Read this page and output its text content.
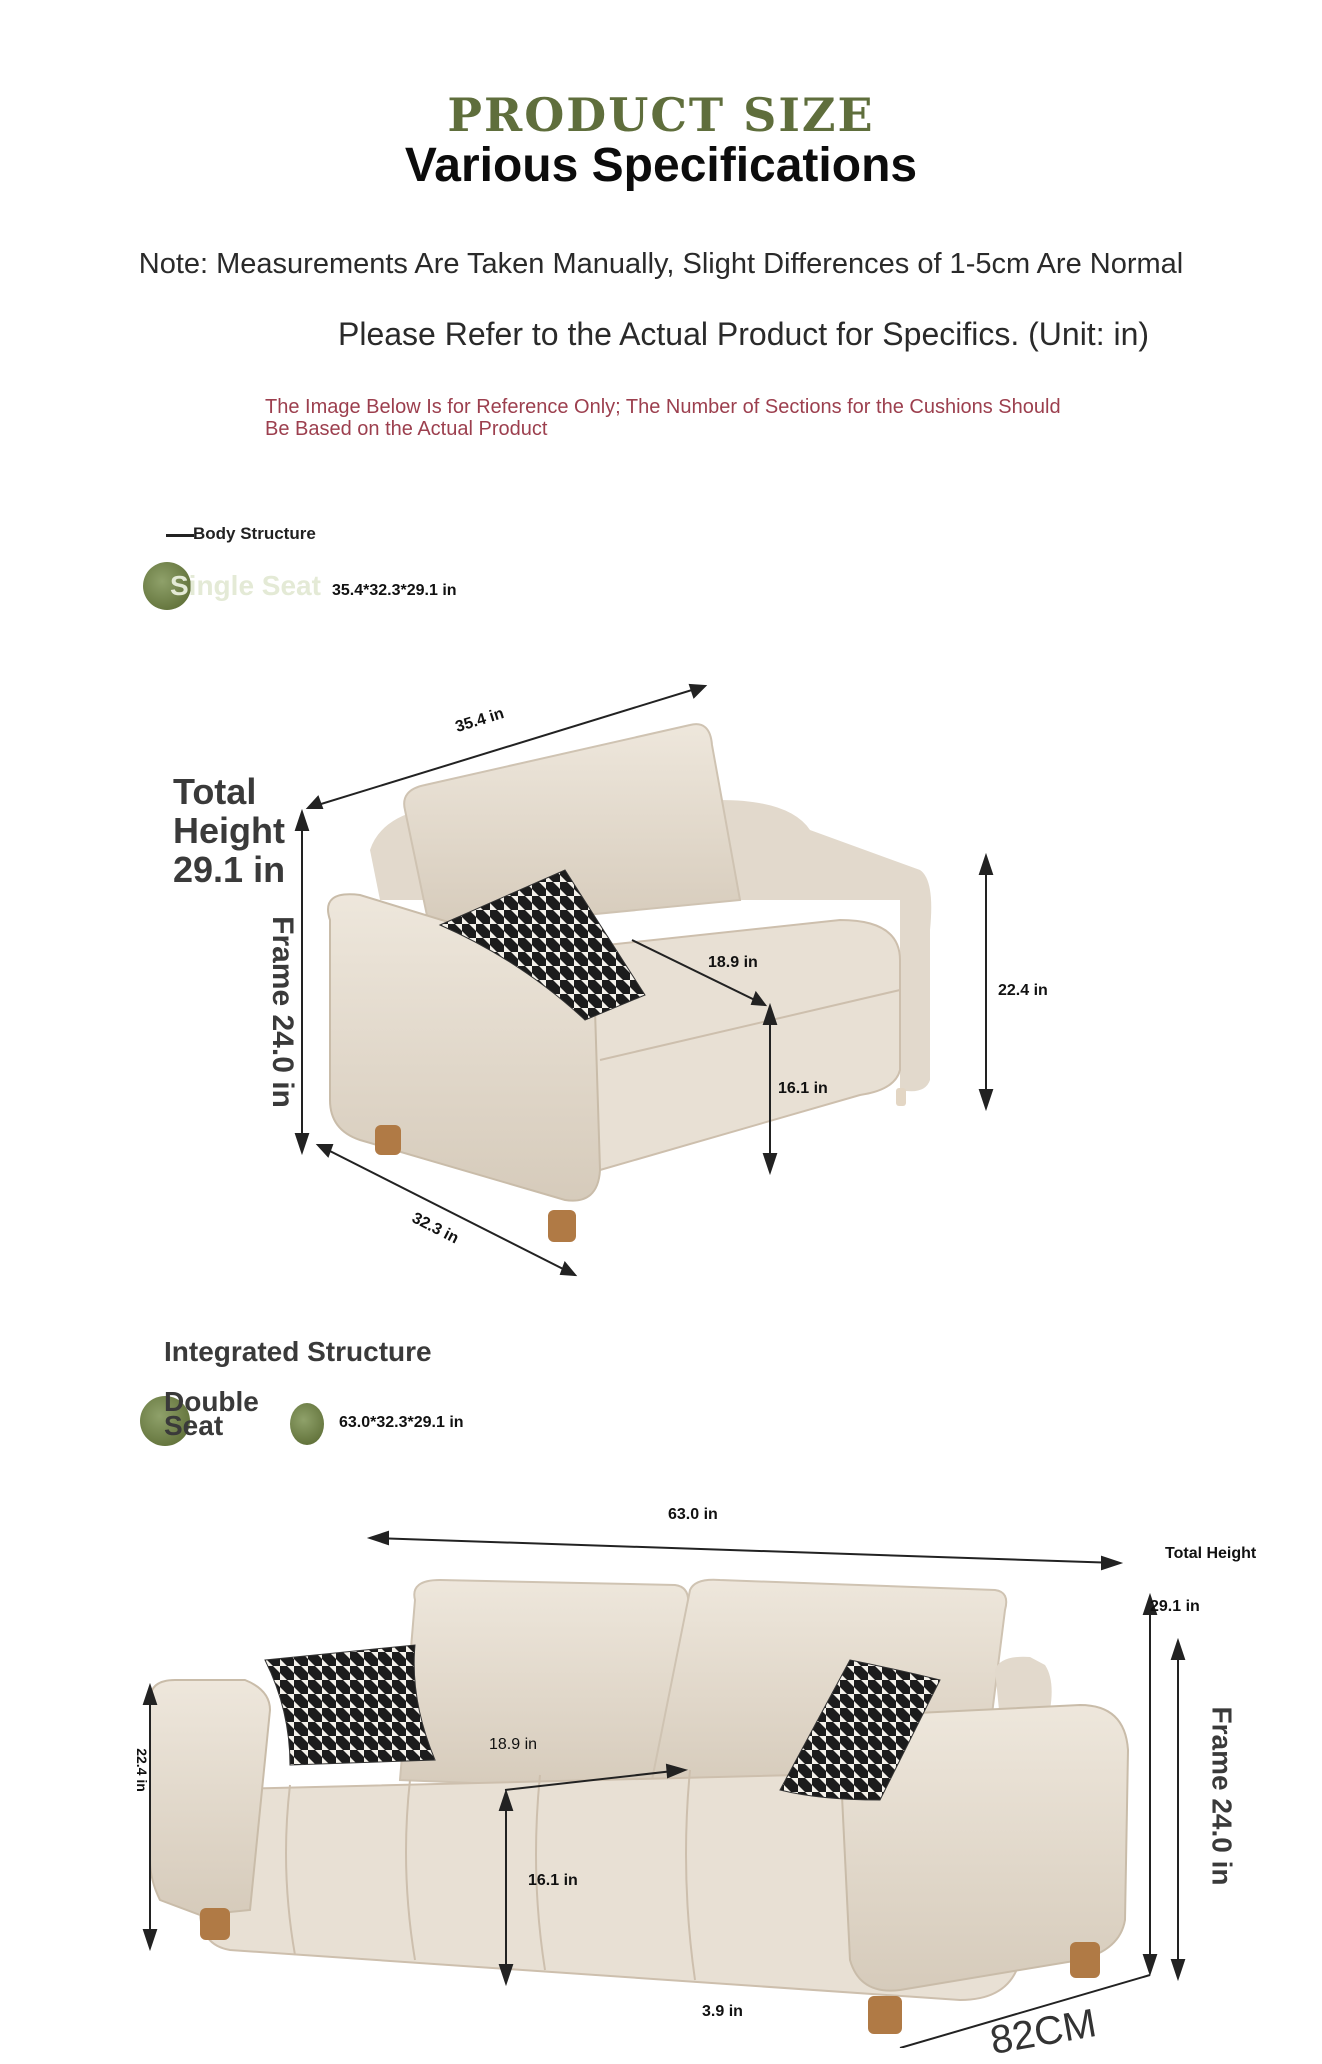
PRODUCT SIZE
Various Specifications
Note: Measurements Are Taken Manually, Slight Differences of 1-5cm Are Normal
Please Refer to the Actual Product for Specifics. (Unit: in)
The Image Below Is for Reference Only; The Number of Sections for the Cushions Should Be Based on the Actual Product
Body Structure
Single Seat 35.4*32.3*29.1 in
35.4 in
Total Height 29.1 in
Frame 24.0 in	18.9 in
16.1 in
22.4 in
32.3 in
Integrated Structure
Double Seat	63.0*32.3*29.1 in
63.0 in
Total Height
29.1 in
Frame 24.0 in
22.4 in
18.9 in
16.1 in
3.9 in	82CM
